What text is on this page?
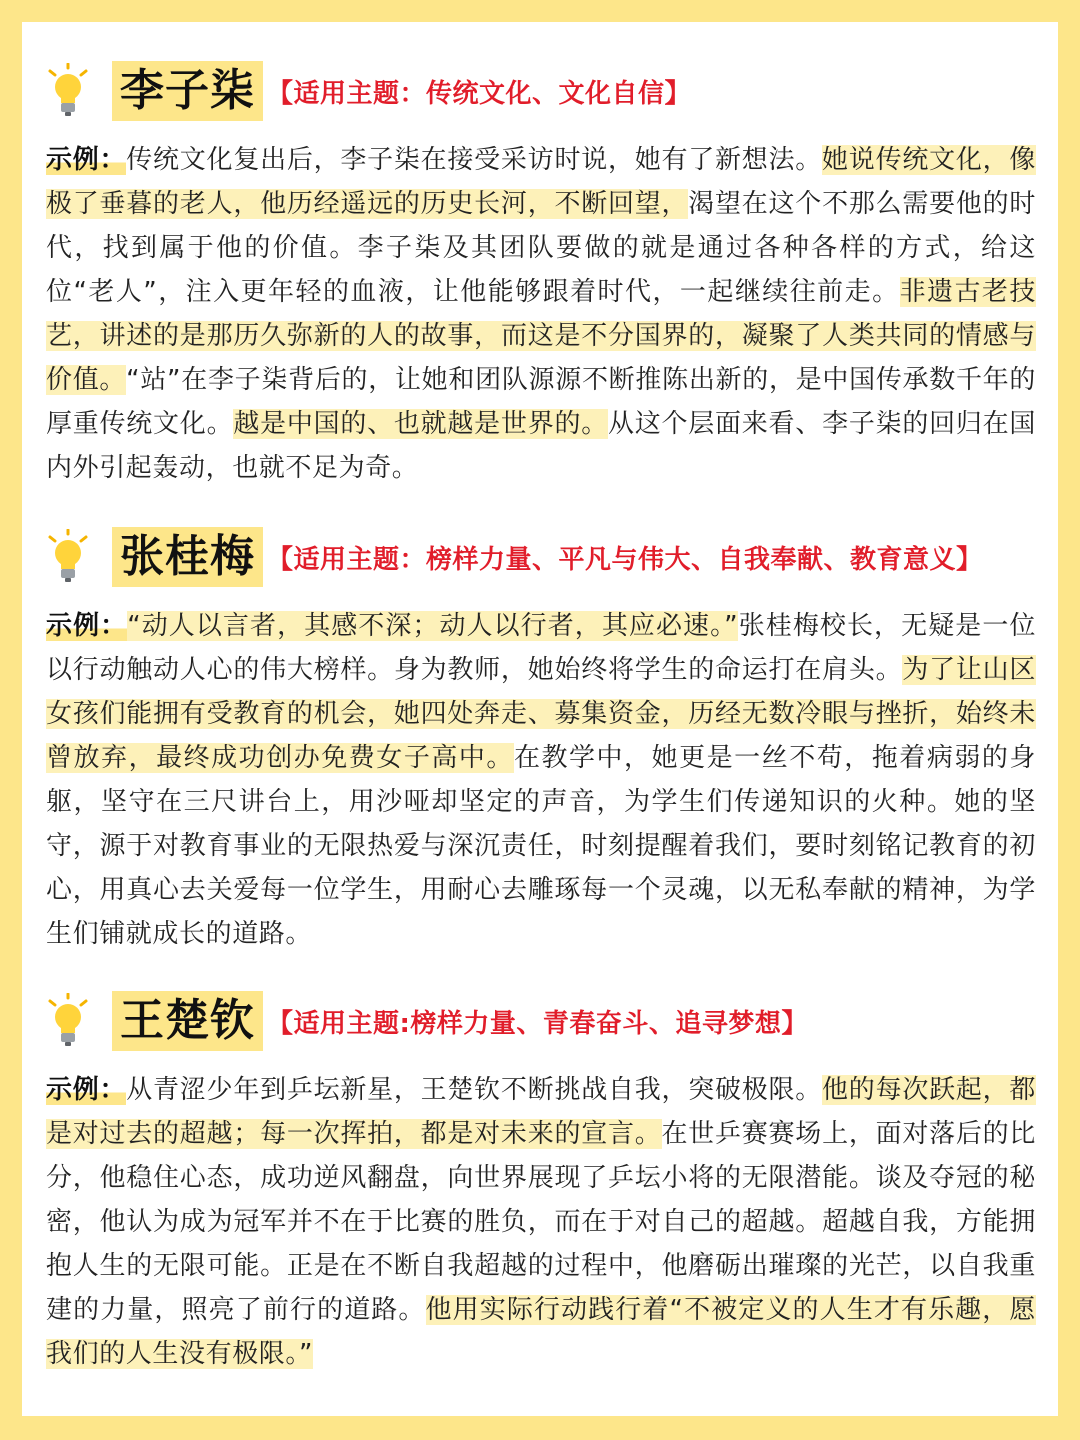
李子柒 【适用主题：传统文化、文化自信】
示例：传统文化复出后，李子柒在接受采访时说，她有了新想法。她说传统文化，像极了垂暮的老人，他历经遥远的历史长河，不断回望，渴望在这个不那么需要他的时代，找到属于他的价值。李子柒及其团队要做的就是通过各种各样的方式，给这位“老人”，注入更年轻的血液，让他能够跟着时代，一起继续往前走。非遗古老技艺，讲述的是那历久弥新的人的故事，而这是不分国界的，凝聚了人类共同的情感与价值。“站”在李子柒背后的，让她和团队源源不断推陈出新的，是中国传承数千年的厚重传统文化。越是中国的、也就越是世界的。从这个层面来看、李子柒的回归在国内外引起轰动，也就不足为奇。
张桂梅 【适用主题：榜样力量、平凡与伟大、自我奉献、教育意义】
示例：“动人以言者，其感不深；动人以行者，其应必速。”张桂梅校长，无疑是一位以行动触动人心的伟大榜样。身为教师，她始终将学生的命运打在肩头。为了让山区女孩们能拥有受教育的机会，她四处奔走、募集资金，历经无数冷眼与挫折，始终未曾放弃，最终成功创办免费女子高中。在教学中，她更是一丝不苟，拖着病弱的身躯，坚守在三尺讲台上，用沙哑却坚定的声音，为学生们传递知识的火种。她的坚守，源于对教育事业的无限热爱与深沉责任，时刻提醒着我们，要时刻铭记教育的初心，用真心去关爱每一位学生，用耐心去雕琢每一个灵魂，以无私奉献的精神，为学生们铺就成长的道路。
王楚钦 【适用主题:榜样力量、青春奋斗、追寻梦想】
示例：从青涩少年到乒坛新星，王楚钦不断挑战自我，突破极限。他的每次跃起，都是对过去的超越；每一次挥拍，都是对未来的宣言。在世乒赛赛场上，面对落后的比分，他稳住心态，成功逆风翻盘，向世界展现了乒坛小将的无限潜能。谈及夺冠的秘密，他认为成为冠军并不在于比赛的胜负，而在于对自己的超越。超越自我，方能拥抱人生的无限可能。正是在不断自我超越的过程中，他磨砺出璀璨的光芒，以自我重建的力量，照亮了前行的道路。他用实际行动践行着“不被定义的人生才有乐趣，愿我们的人生没有极限。”
